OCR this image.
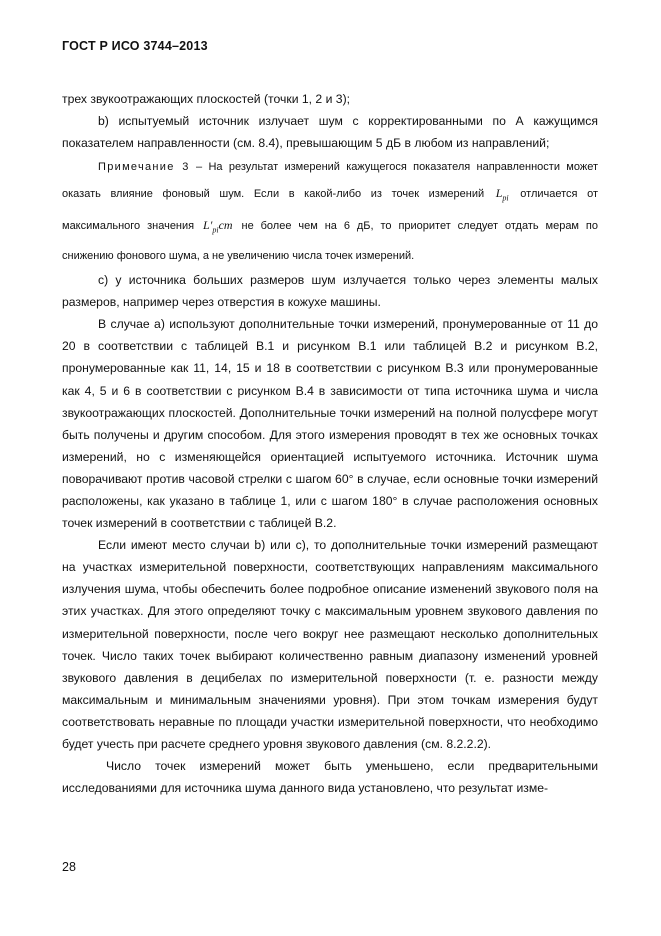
ГОСТ Р ИСО 3744–2013

трех звукоотражающих плоскостей (точки 1, 2 и 3);

b) испытуемый источник излучает шум с корректированными по А кажущимся показателем направленности (см. 8.4), превышающим 5 дБ в любом из направлений;

Примечание 3 – На результат измерений кажущегося показателя направленности может оказать влияние фоновый шум. Если в какой-либо из точек измерений $L_{pi}$ отличается от максимального значения $L'_{pi}ст$ не более чем на 6 дБ, то приоритет следует отдать мерам по снижению фонового шума, а не увеличению числа точек измерений.

c) у источника больших размеров шум излучается только через элементы малых размеров, например через отверстия в кожухе машины.

В случае а) используют дополнительные точки измерений, пронумерованные от 11 до 20 в соответствии с таблицей В.1 и рисунком В.1 или таблицей В.2 и рисунком В.2, пронумерованные как 11, 14, 15 и 18 в соответствии с рисунком В.3 или пронумерованные как 4, 5 и 6 в соответствии с рисунком В.4 в зависимости от типа источника шума и числа звукоотражающих плоскостей. Дополнительные точки измерений на полной полусфере могут быть получены и другим способом. Для этого измерения проводят в тех же основных точках измерений, но с изменяющейся ориентацией испытуемого источника. Источник шума поворачивают против часовой стрелки с шагом 60° в случае, если основные точки измерений расположены, как указано в таблице 1, или с шагом 180° в случае расположения основных точек измерений в соответствии с таблицей В.2.

Если имеют место случаи b) или с), то дополнительные точки измерений размещают на участках измерительной поверхности, соответствующих направлениям максимального излучения шума, чтобы обеспечить более подробное описание изменений звукового поля на этих участках. Для этого определяют точку с максимальным уровнем звукового давления по измерительной поверхности, после чего вокруг нее размещают несколько дополнительных точек. Число таких точек выбирают количественно равным диапазону изменений уровней звукового давления в децибелах по измерительной поверхности (т. е. разности между максимальным и минимальным значениями уровня). При этом точкам измерения будут соответствовать неравные по площади участки измерительной поверхности, что необходимо будет учесть при расчете среднего уровня звукового давления (см. 8.2.2.2).

Число точек измерений может быть уменьшено, если предварительными исследованиями для источника шума данного вида установлено, что результат изме-

28
